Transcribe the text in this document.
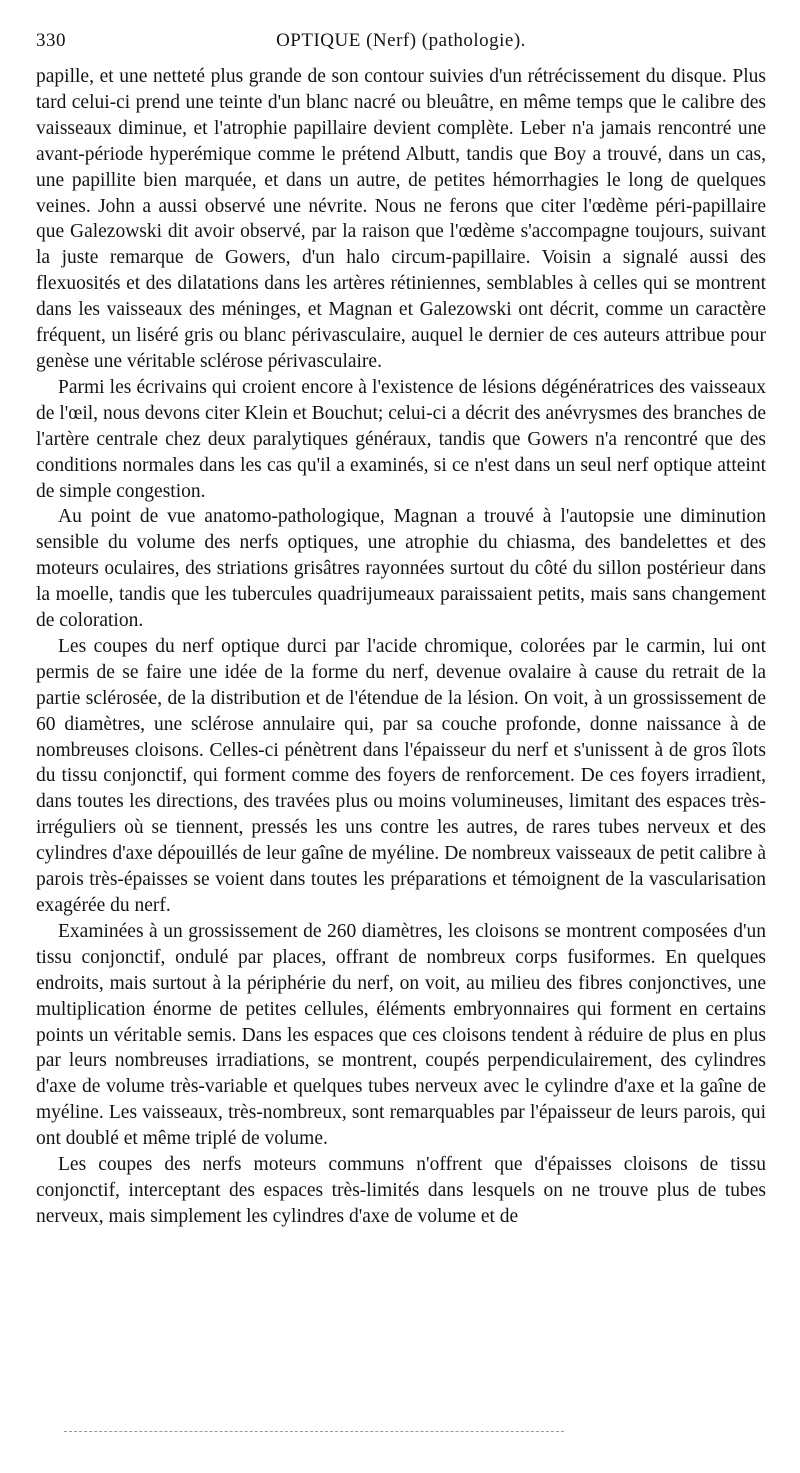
330	OPTIQUE (Nerf) (pathologie).

papille, et une netteté plus grande de son contour suivies d'un rétrécissement du disque. Plus tard celui-ci prend une teinte d'un blanc nacré ou bleuâtre, en même temps que le calibre des vaisseaux diminue, et l'atrophie papillaire devient complète. Leber n'a jamais rencontré une avant-période hyperémique comme le prétend Albutt, tandis que Boy a trouvé, dans un cas, une papillite bien marquée, et dans un autre, de petites hémorrhagies le long de quelques veines. John a aussi observé une névrite. Nous ne ferons que citer l'œdème péri-papillaire que Galezowski dit avoir observé, par la raison que l'œdème s'accompagne toujours, suivant la juste remarque de Gowers, d'un halo circum-papillaire. Voisin a signalé aussi des flexuosités et des dilatations dans les artères rétiniennes, semblables à celles qui se montrent dans les vaisseaux des méninges, et Magnan et Galezowski ont décrit, comme un caractère fréquent, un liséré gris ou blanc périvasculaire, auquel le dernier de ces auteurs attribue pour genèse une véritable sclérose périvasculaire.

Parmi les écrivains qui croient encore à l'existence de lésions dégénératrices des vaisseaux de l'œil, nous devons citer Klein et Bouchut; celui-ci a décrit des anévrysmes des branches de l'artère centrale chez deux paralytiques généraux, tandis que Gowers n'a rencontré que des conditions normales dans les cas qu'il a examinés, si ce n'est dans un seul nerf optique atteint de simple congestion.

Au point de vue anatomo-pathologique, Magnan a trouvé à l'autopsie une diminution sensible du volume des nerfs optiques, une atrophie du chiasma, des bandelettes et des moteurs oculaires, des striations grisâtres rayonnées surtout du côté du sillon postérieur dans la moelle, tandis que les tubercules quadrijumeaux paraissaient petits, mais sans changement de coloration.

Les coupes du nerf optique durci par l'acide chromique, colorées par le carmin, lui ont permis de se faire une idée de la forme du nerf, devenue ovalaire à cause du retrait de la partie sclérosée, de la distribution et de l'étendue de la lésion. On voit, à un grossissement de 60 diamètres, une sclérose annulaire qui, par sa couche profonde, donne naissance à de nombreuses cloisons. Celles-ci pénètrent dans l'épaisseur du nerf et s'unissent à de gros îlots du tissu conjonctif, qui forment comme des foyers de renforcement. De ces foyers irradient, dans toutes les directions, des travées plus ou moins volumineuses, limitant des espaces très-irréguliers où se tiennent, pressés les uns contre les autres, de rares tubes nerveux et des cylindres d'axe dépouillés de leur gaîne de myéline. De nombreux vaisseaux de petit calibre à parois très-épaisses se voient dans toutes les préparations et témoignent de la vascularisation exagérée du nerf.

Examinées à un grossissement de 260 diamètres, les cloisons se montrent composées d'un tissu conjonctif, ondulé par places, offrant de nombreux corps fusiformes. En quelques endroits, mais surtout à la périphérie du nerf, on voit, au milieu des fibres conjonctives, une multiplication énorme de petites cellules, éléments embryonnaires qui forment en certains points un véritable semis. Dans les espaces que ces cloisons tendent à réduire de plus en plus par leurs nombreuses irradiations, se montrent, coupés perpendiculairement, des cylindres d'axe de volume très-variable et quelques tubes nerveux avec le cylindre d'axe et la gaîne de myéline. Les vaisseaux, très-nombreux, sont remarquables par l'épaisseur de leurs parois, qui ont doublé et même triplé de volume.

Les coupes des nerfs moteurs communs n'offrent que d'épaisses cloisons de tissu conjonctif, interceptant des espaces très-limités dans lesquels on ne trouve plus de tubes nerveux, mais simplement les cylindres d'axe de volume et de
